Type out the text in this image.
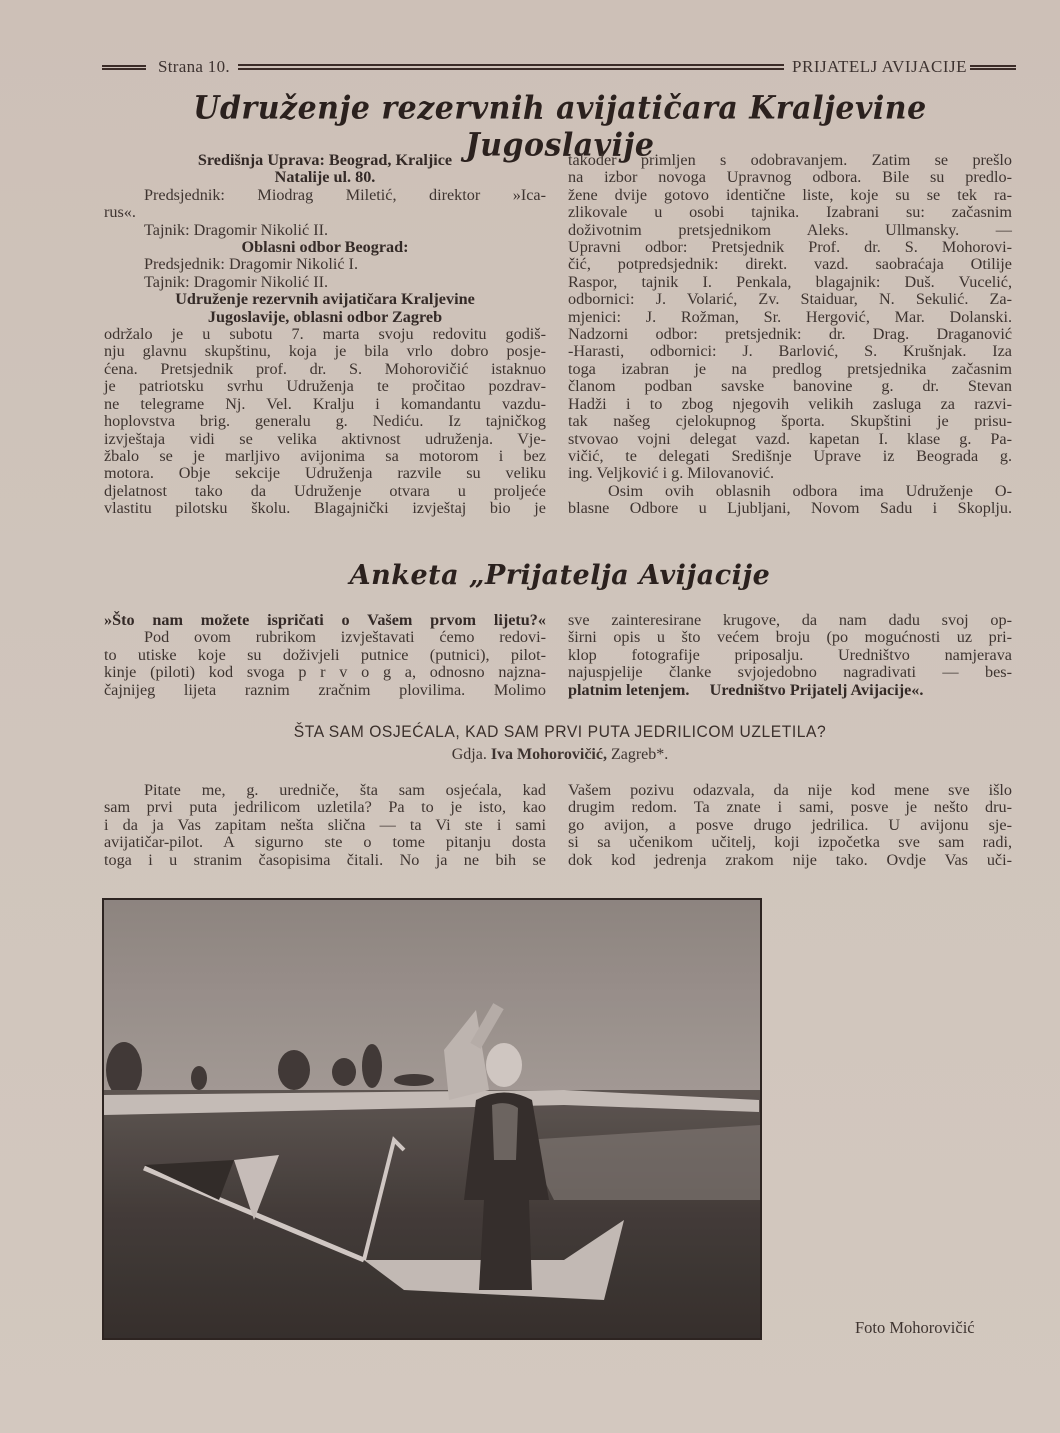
Strana 10.	PRIJATELJ AVIJACIJE
Udruženje rezervnih avijatičara Kraljevine Jugoslavije
Središnja Uprava: Beograd, Kraljice
Natalije ul. 80.
Predsjednik: Miodrag Miletić, direktor »Ica-
rus«.
Tajnik: Dragomir Nikolić II.
Oblasni odbor Beograd:
Predsjednik: Dragomir Nikolić I.
Tajnik: Dragomir Nikolić II.
Udruženje rezervnih avijatičara Kraljevine
Jugoslavije, oblasni odbor Zagreb
održalo je u subotu 7. marta svoju redovitu godiš-
nju glavnu skupštinu, koja je bila vrlo dobro posje-
ćena. Pretsjednik prof. dr. S. Mohorovičić istaknuo
je patriotsku svrhu Udruženja te pročitao pozdrav-
ne telegrame Nj. Vel. Kralju i komandantu vazdu-
hoplovstva brig. generalu g. Nediću. Iz tajničkog
izvještaja vidi se velika aktivnost udruženja. Vje-
žbalo se je marljivo avijonima sa motorom i bez
motora. Obje sekcije Udruženja razvile su veliku
djelatnost tako da Udruženje otvara u proljeće
vlastitu pilotsku školu. Blagajnički izvještaj bio je
također primljen s odobravanjem. Zatim se prešlo
na izbor novoga Upravnog odbora. Bile su predlo-
žene dvije gotovo identične liste, koje su se tek ra-
zlikovale u osobi tajnika. Izabrani su: začasnim
doživotnim pretsjednikom Aleks. Ullmansky. —
Upravni odbor: Pretsjednik Prof. dr. S. Mohorovi-
čić, potpredsjednik: direkt. vazd. saobraćaja Otilije
Raspor, tajnik I. Penkala, blagajnik: Duš. Vucelić,
odbornici: J. Volarić, Zv. Staiduar, N. Sekulić. Za-
mjenici: J. Rožman, Sr. Hergović, Mar. Dolanski.
Nadzorni odbor: pretsjednik: dr. Drag. Draganović
-Harasti, odbornici: J. Barlović, S. Krušnjak. Iza
toga izabran je na predlog pretsjednika začasnim
članom podban savske banovine g. dr. Stevan
Hadži i to zbog njegovih velikih zasluga za razvi-
tak našeg cjelokupnog športa. Skupštini je prisu-
stvovao vojni delegat vazd. kapetan I. klase g. Pa-
vičić, te delegati Središnje Uprave iz Beograda g.
ing. Veljković i g. Milovanović.
Osim ovih oblasnih odbora ima Udruženje O-
blasne Odbore u Ljubljani, Novom Sadu i Skoplju.
Anketa „Prijatelja Avijacije
»Što nam možete ispričati o Vašem prvom lijetu?«
Pod ovom rubrikom izvještavati ćemo redovi-
to utiske koje su doživjeli putnice (putnici), pilot-
kinje (piloti) kod svoga p r v o g a, odnosno najzna-
čajnijeg lijeta raznim zračnim plovilima. Molimo
sve zainteresirane krugove, da nam dadu svoj op-
širni opis u što većem broju (po mogućnosti uz pri-
klop fotografije priposalju. Uredništvo namjerava
najuspjelije članke svjojedobno nagradivati — bes-
platnim letenjem. Uredništvo Prijatelj Avijacije«.
ŠTA SAM OSJEĆALA, KAD SAM PRVI PUTA JEDRILICOM UZLETILA?
Gdja. Iva Mohorovičić, Zagreb*.
Pitate me, g. uredniče, šta sam osjećala, kad
sam prvi puta jedrilicom uzletila? Pa to je isto, kao
i da ja Vas zapitam nešta slična — ta Vi ste i sami
avijatičar-pilot. A sigurno ste o tome pitanju dosta
toga i u stranim časopisima čitali. No ja ne bih se
Vašem pozivu odazvala, da nije kod mene sve išlo
drugim redom. Ta znate i sami, posve je nešto dru-
go avijon, a posve drugo jedrilica. U avijonu sje-
si sa učenikom učitelj, koji izpočetka sve sam radi,
dok kod jedrenja zrakom nije tako. Ovdje Vas uči-
Foto Mohorovičić
